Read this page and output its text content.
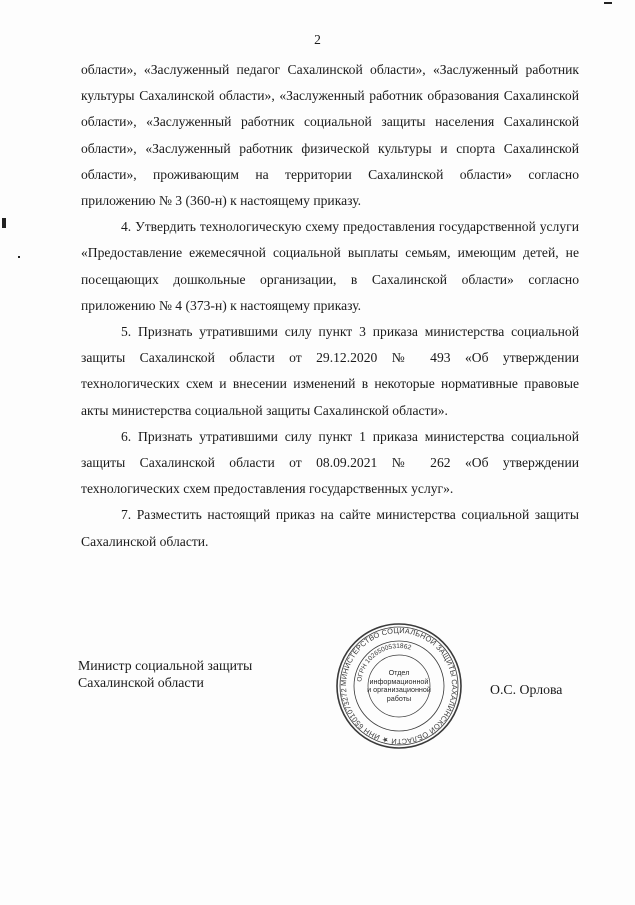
2

области», «Заслуженный педагог Сахалинской области», «Заслуженный работник культуры Сахалинской области», «Заслуженный работник образования Сахалинской области», «Заслуженный работник социальной защиты населения Сахалинской области», «Заслуженный работник физической культуры и спорта Сахалинской области», проживающим на территории Сахалинской области» согласно приложению № 3 (360-н) к настоящему приказу.

4. Утвердить технологическую схему предоставления государственной услуги «Предоставление ежемесячной социальной выплаты семьям, имеющим детей, не посещающих дошкольные организации, в Сахалинской области» согласно приложению № 4 (373-н) к настоящему приказу.

5. Признать утратившими силу пункт 3 приказа министерства социальной защиты Сахалинской области от 29.12.2020 № 493 «Об утверждении технологических схем и внесении изменений в некоторые нормативные правовые акты министерства социальной защиты Сахалинской области».

6. Признать утратившими силу пункт 1 приказа министерства социальной защиты Сахалинской области от 08.09.2021 № 262 «Об утверждении технологических схем предоставления государственных услуг».

7. Разместить настоящий приказ на сайте министерства социальной защиты Сахалинской области.

Министр социальной защиты
Сахалинской области	О.С. Орлова
МИНИСТЕРСТВО СОЦИАЛЬНОЙ ЗАЩИТЫ САХАЛИНСКОЙ ОБЛАСТИ ★ ИНН 6501073272
ОГРН 1026500531862
Отдел
информационной
и организационной
работы
